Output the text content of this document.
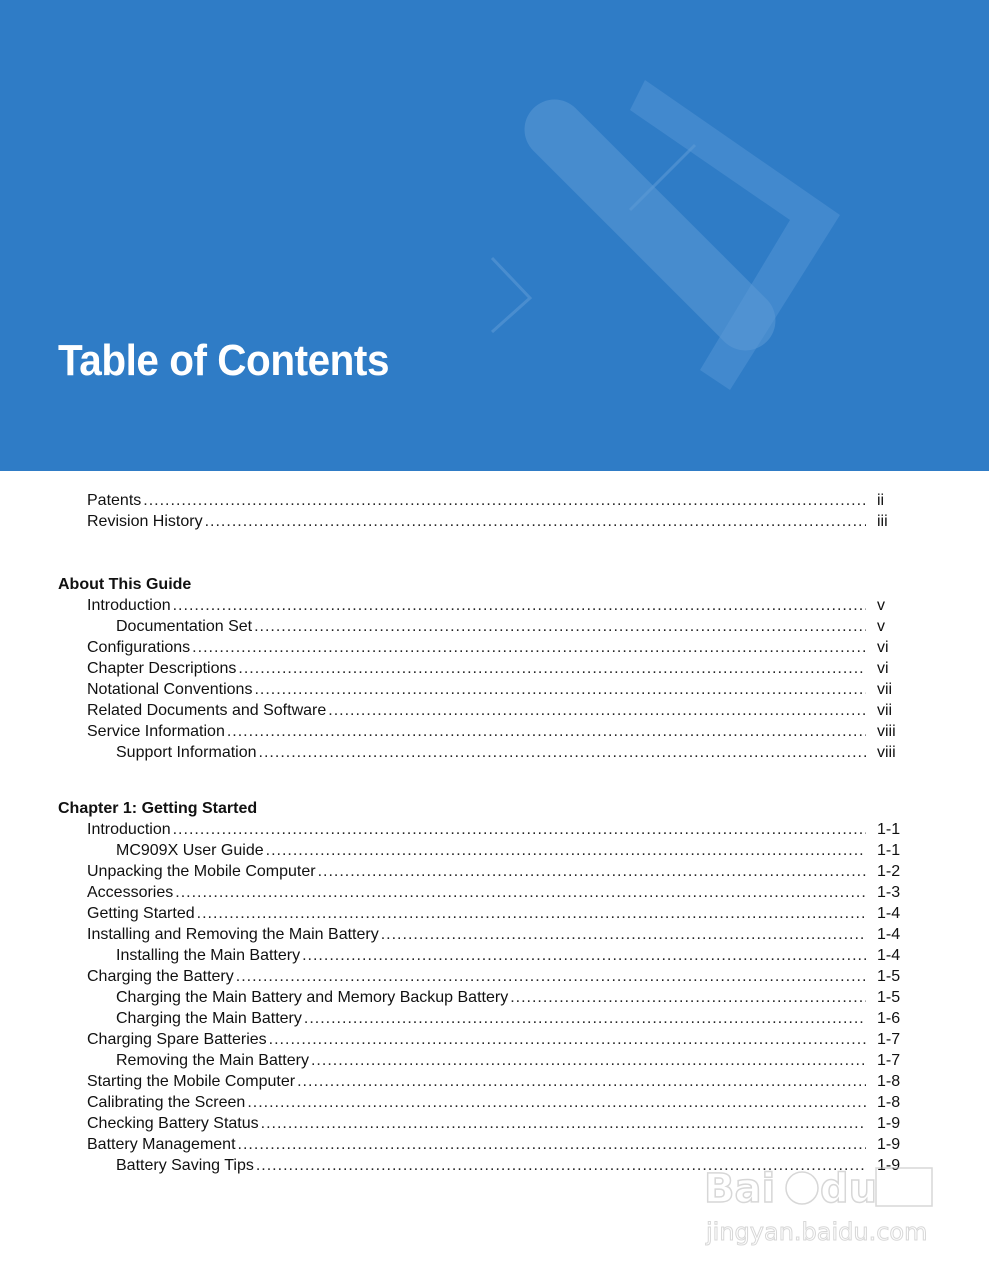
Table of Contents
Patents .....	ii
Revision History .....	iii
About This Guide
Introduction .....	v
Documentation Set .....	v
Configurations .....	vi
Chapter Descriptions .....	vi
Notational Conventions .....	vii
Related Documents and Software .....	vii
Service Information .....	viii
Support Information .....	viii
Chapter 1: Getting Started
Introduction .....	1-1
MC909X User Guide .....	1-1
Unpacking the Mobile Computer .....	1-2
Accessories .....	1-3
Getting Started .....	1-4
Installing and Removing the Main Battery .....	1-4
Installing the Main Battery .....	1-4
Charging the Battery .....	1-5
Charging the Main Battery and Memory Backup Battery .....	1-5
Charging the Main Battery .....	1-6
Charging Spare Batteries .....	1-7
Removing the Main Battery .....	1-7
Starting the Mobile Computer .....	1-8
Calibrating the Screen .....	1-8
Checking Battery Status .....	1-9
Battery Management .....	1-9
Battery Saving Tips .....	1-9
Bai du
jingyan.baidu.com
